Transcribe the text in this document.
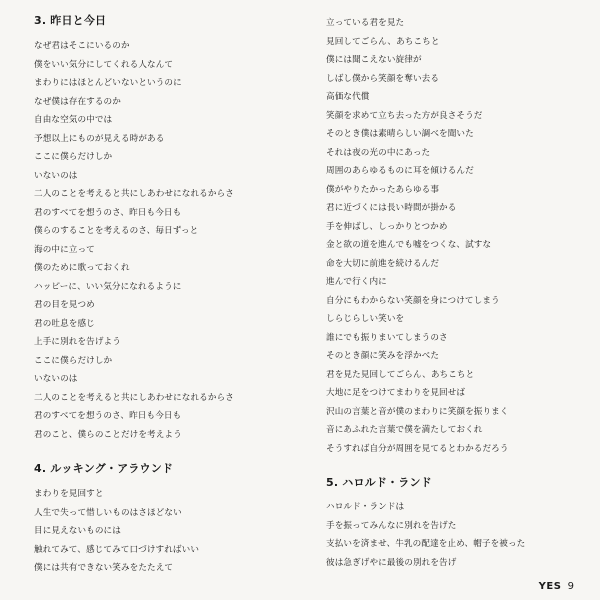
3. 昨日と今日
なぜ君はそこにいるのか
僕をいい気分にしてくれる人なんて
まわりにはほとんどいないというのに
なぜ僕は存在するのか
自由な空気の中では
予想以上にものが見える時がある
ここに僕らだけしか
いないのは
二人のことを考えると共にしあわせになれるからさ
君のすべてを想うのさ、昨日も今日も
僕らのすることを考えるのさ、毎日ずっと
海の中に立って
僕のために歌っておくれ
ハッピーに、いい気分になれるように
君の目を見つめ
君の吐息を感じ
上手に別れを告げよう
ここに僕らだけしか
いないのは
二人のことを考えると共にしあわせになれるからさ
君のすべてを想うのさ、昨日も今日も
君のこと、僕らのことだけを考えよう
4. ルッキング・アラウンド
まわりを見回すと
人生で失って惜しいものはさほどない
目に見えないものには
触れてみて、感じてみて口づけすればいい
僕には共有できない笑みをたたえて
立っている君を見た
見回してごらん、あちこちと
僕には聞こえない旋律が
しばし僕から笑顔を奪い去る
高価な代償
笑顔を求めて立ち去った方が良さそうだ
そのとき僕は素晴らしい調べを聞いた
それは夜の光の中にあった
周囲のあらゆるものに耳を傾けるんだ
僕がやりたかったあらゆる事
君に近づくには長い時間が掛かる
手を伸ばし、しっかりとつかめ
金と欲の道を進んでも嘘をつくな、試すな
命を大切に前進を続けるんだ
進んで行く内に
自分にもわからない笑顔を身につけてしまう
しらじらしい笑いを
誰にでも振りまいてしまうのさ
そのとき顔に笑みを浮かべた
君を見た見回してごらん、あちこちと
大地に足をつけてまわりを見回せば
沢山の言葉と音が僕のまわりに笑顔を振りまく
音にあふれた言葉で僕を満たしておくれ
そうすれば自分が周囲を見てるとわかるだろう
5. ハロルド・ランド
ハロルド・ランドは
手を振ってみんなに別れを告げた
支払いを済ませ、牛乳の配達を止め、帽子を被った
彼は急ぎげやに最後の別れを告げ
YES 9
